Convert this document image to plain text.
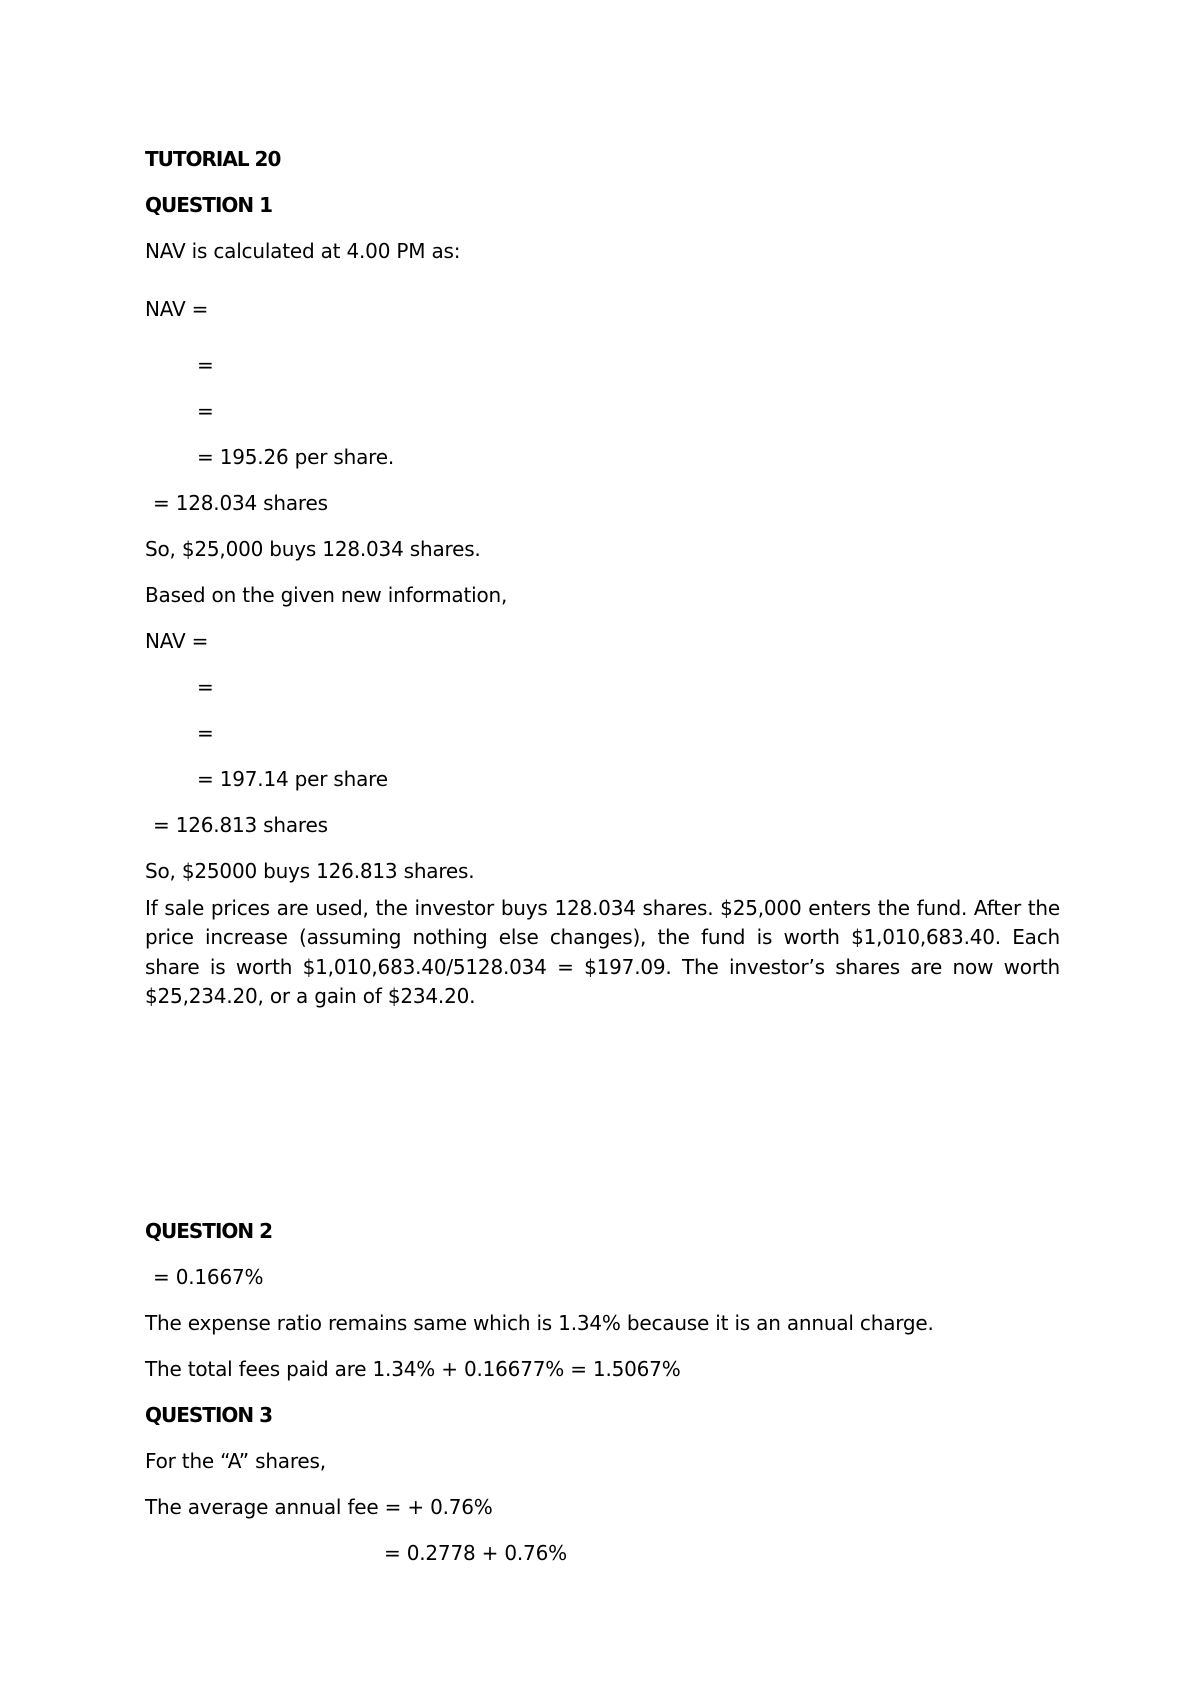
TUTORIAL 20
QUESTION 1
NAV is calculated at 4.00 PM as:
NAV =
=
=
= 195.26 per share.
= 128.034 shares
So, $25,000 buys 128.034 shares.
Based on the given new information,
NAV =
=
=
= 197.14 per share
= 126.813 shares
So, $25000 buys 126.813 shares.
If sale prices are used, the investor buys 128.034 shares. $25,000 enters the fund. After the price increase (assuming nothing else changes), the fund is worth $1,010,683.40. Each share is worth $1,010,683.40/5128.034 = $197.09. The investor’s shares are now worth $25,234.20, or a gain of $234.20.
QUESTION 2
= 0.1667%
The expense ratio remains same which is 1.34% because it is an annual charge.
The total fees paid are 1.34% + 0.16677% = 1.5067%
QUESTION 3
For the “A” shares,
The average annual fee = + 0.76%
= 0.2778 + 0.76%
